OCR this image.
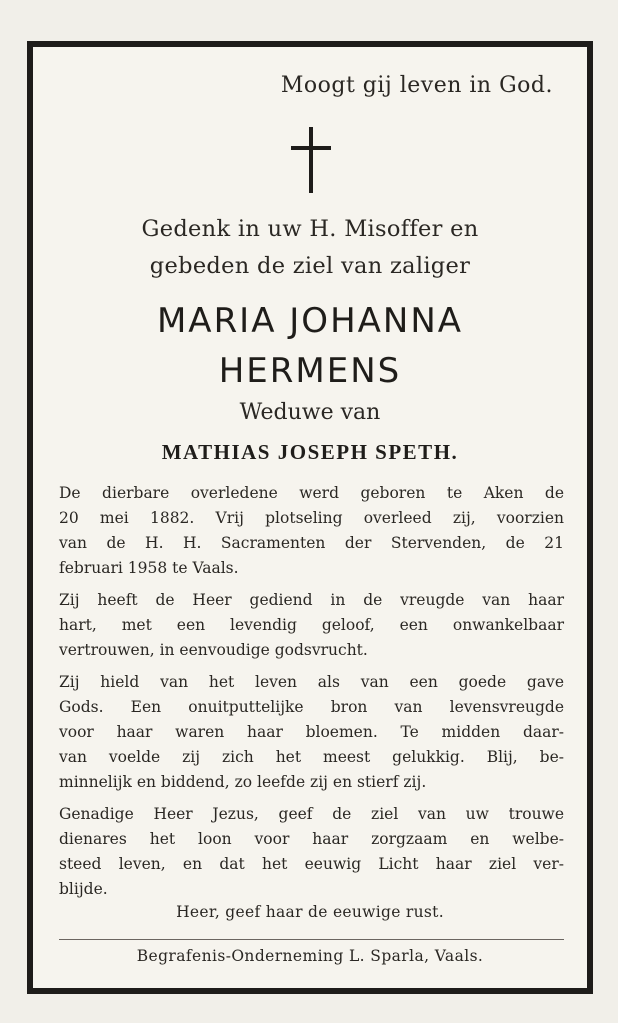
Moogt gij leven in God.
Gedenk in uw H. Misoffer en
gebeden de ziel van zaliger
MARIA JOHANNA
HERMENS
Weduwe van
MATHIAS JOSEPH SPETH.
De dierbare overledene werd geboren te Aken de
20 mei 1882. Vrij plotseling overleed zij, voorzien
van de H. H. Sacramenten der Stervenden, de 21
februari 1958 te Vaals.
Zij heeft de Heer gediend in de vreugde van haar
hart, met een levendig geloof, een onwankelbaar
vertrouwen, in eenvoudige godsvrucht.
Zij hield van het leven als van een goede gave
Gods. Een onuitputtelijke bron van levensvreugde
voor haar waren haar bloemen. Te midden daar-
van voelde zij zich het meest gelukkig. Blij, be-
minnelijk en biddend, zo leefde zij en stierf zij.
Genadige Heer Jezus, geef de ziel van uw trouwe
dienares het loon voor haar zorgzaam en welbe-
steed leven, en dat het eeuwig Licht haar ziel ver-
blijde.
Heer, geef haar de eeuwige rust.
Begrafenis-Onderneming L. Sparla, Vaals.
